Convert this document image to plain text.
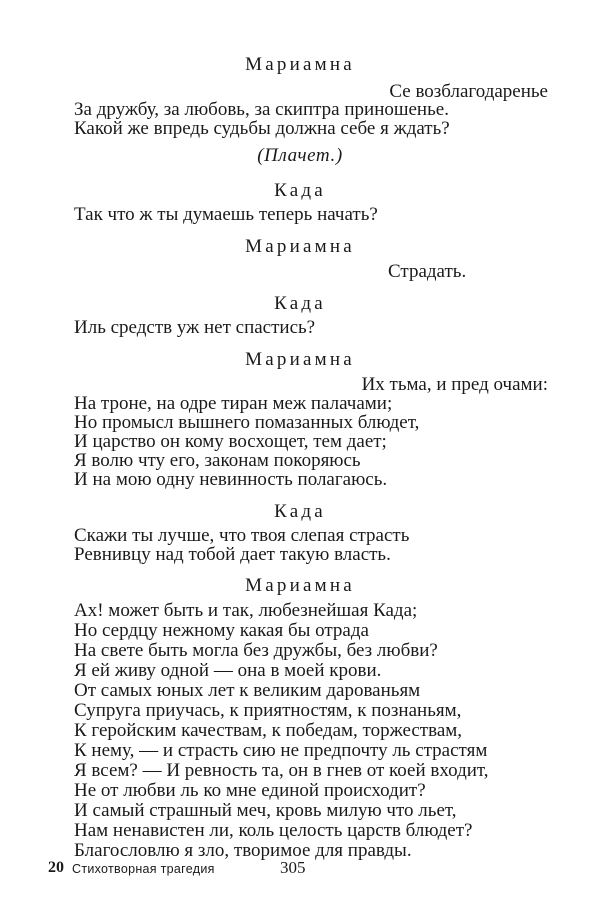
Мариамна
Се возблагодаренье
За дружбу, за любовь, за скиптра приношенье.
Какой же впредь судьбы должна себе я ждать?
(Плачет.)
Када
Так что ж ты думаешь теперь начать?
Мариамна
Страдать.
Када
Иль средств уж нет спастись?
Мариамна
Их тьма, и пред очами:
На троне, на одре тиран меж палачами;
Но промысл вышнего помазанных блюдет,
И царство он кому восхощет, тем дает;
Я волю чту его, законам покоряюсь
И на мою одну невинность полагаюсь.
Када
Скажи ты лучше, что твоя слепая страсть
Ревнивцу над тобой дает такую власть.
Мариамна
Ах! может быть и так, любезнейшая Када;
Но сердцу нежному какая бы отрада
На свете быть могла без дружбы, без любви?
Я ей живу одной — она в моей крови.
От самых юных лет к великим дарованьям
Супруга приучась, к приятностям, к познаньям,
К геройским качествам, к победам, торжествам,
К нему, — и страсть сию не предпочту ль страстям
Я всем? — И ревность та, он в гнев от коей входит,
Не от любви ль ко мне единой происходит?
И самый страшный меч, кровь милую что льет,
Нам ненавистен ли, коль целость царств блюдет?
Благословлю я зло, творимое для правды.
20 Стихотворная трагедия	305
